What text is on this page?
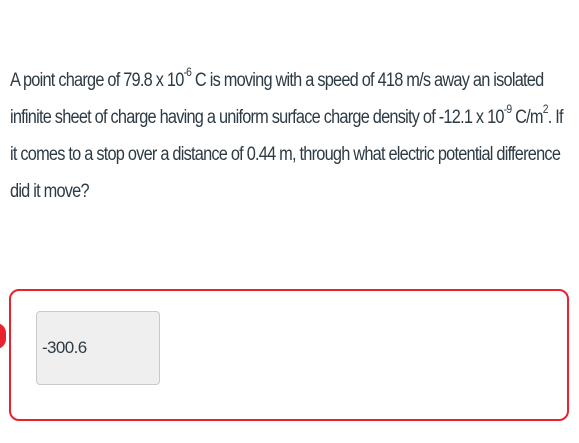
A point charge of 79.8 x $10^{-6}$ C is moving with a speed of 418 m/s away an isolated infinite sheet of charge having a uniform surface charge density of -12.1 x $10^{-9}$ $C/m^2$. If it comes to a stop over a distance of 0.44 m, through what electric potential difference did it move?

-300.6
